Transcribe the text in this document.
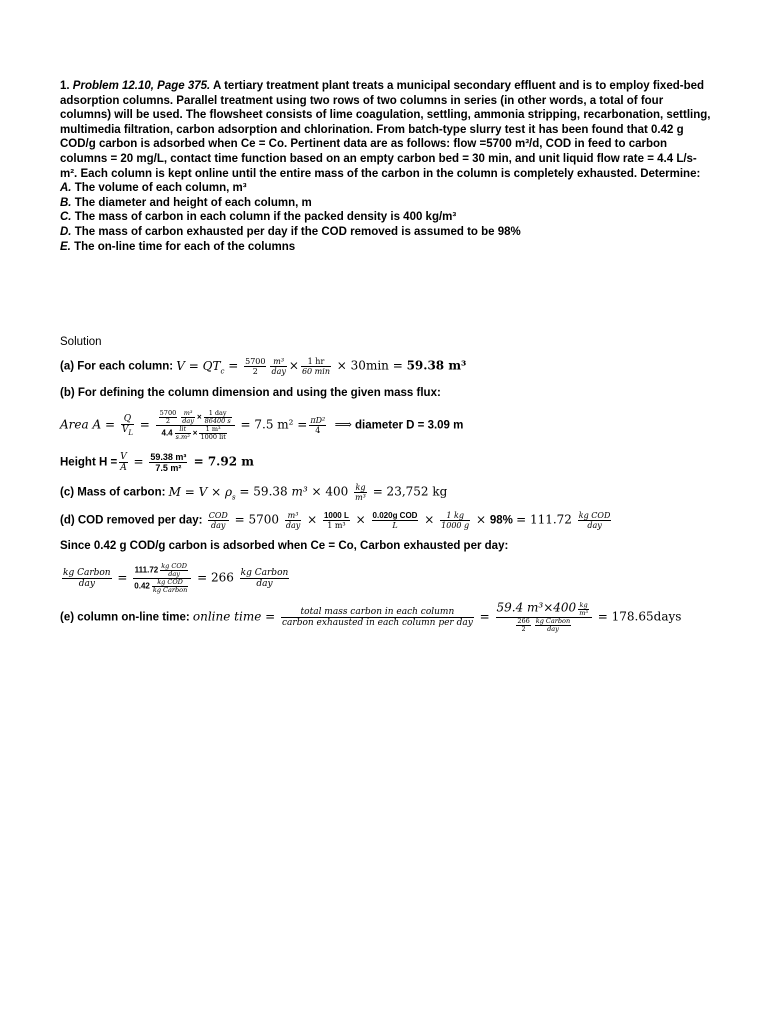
1. Problem 12.10, Page 375. A tertiary treatment plant treats a municipal secondary effluent and is to employ fixed-bed adsorption columns. Parallel treatment using two rows of two columns in series (in other words, a total of four columns) will be used. The flowsheet consists of lime coagulation, settling, ammonia stripping, recarbonation, settling, multimedia filtration, carbon adsorption and chlorination. From batch-type slurry test it has been found that 0.42 g COD/g carbon is adsorbed when Ce = Co. Pertinent data are as follows: flow =5700 m³/d, COD in feed to carbon columns = 20 mg/L, contact time function based on an empty carbon bed = 30 min, and unit liquid flow rate = 4.4 L/s-m². Each column is kept online until the entire mass of the carbon in the column is completely exhausted. Determine:

A. The volume of each column, m³

B. The diameter and height of each column, m

C. The mass of carbon in each column if the packed density is 400 kg/m³

D. The mass of carbon exhausted per day if the COD removed is assumed to be 98%

E. The on-line time for each of the columns

Solution
(a) For each column: $V = QT_c = \frac{5700}{2} \frac{\text{m³}}{\text{day}} \times \frac{1 hr}{60 \min} \times 30\min = 59.38$ m³
(b) For defining the column dimension and using the given mass flux:
Area $A = \frac{Q}{V_L} = \frac{\frac{5700}{2} \frac{\text{m³}}{\text{day}} \times \frac{\text{1 day}}{86400 s}}{4.4 \frac{\text{lit}}{\text{s.m²}} \times \frac{\text{1 m³}}{\text{1000 lit}}} = 7.5$ $m^2 = \frac{\text{πD²}}{4}$ ⟹ diameter D = 3.09 m
Height $H = \frac{V}{A} = \frac{\text{59.38 m³}}{\text{7.5 m²}} = 7.92$ m
(c) Mass of carbon: $M = V \times \rho_s = 59.38$ $m^3 \times 400 \frac{kg}{\text{m³}} = 23,752$ kg
(d) COD removed per day: $\frac{\text{COD}}{\text{day}} = 5700 \frac{\text{m³}}{\text{day}} \times \frac{1000 L}{\text{1 m³}} \times \frac{\text{0.020g COD}}{L} \times \frac{1 kg}{1000 g} \times 98\% = 111.72 \frac{\text{kg COD}}{\text{day}}$
Since 0.42 g COD/g carbon is adsorbed when Ce = Co, Carbon exhausted per day:
$\frac{\text{kg Carbon}}{\text{day}} = \frac{111.72 \frac{\text{kg COD}}{\text{day}}}{0.42 \frac{\text{kg COD}}{\text{kg Carbon}}} = 266 \frac{\text{kg Carbon}}{\text{day}}$
(e) column on-line time: online time = $\frac{\text{total mass carbon in each column}}{\text{carbon exhausted in each column per day}} = \frac{59.4 m^3\times 400 \frac{kg}{\text{m³}}}{\frac{266}{2} \frac{\text{kg Carbon}}{\text{day}}}$ = 178.65days
